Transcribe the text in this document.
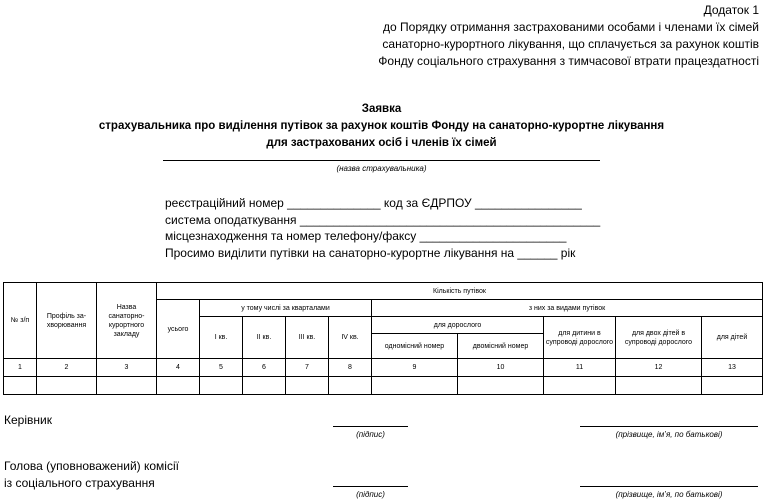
Додаток 1
до Порядку отримання застрахованими особами і членами їх сімей
санаторно-курортного лікування, що сплачується за рахунок коштів
Фонду соціального страхування з тимчасової втрати працездатності
Заявка
страхувальника про виділення путівок за рахунок коштів Фонду на санаторно-курортне лікування
для застрахованих осіб і членів їх сімей
(назва страхувальника)
реєстраційний номер ______________ код за ЄДРПОУ ________________
система оподаткування _____________________________________________
місцезнаходження та номер телефону/факсу ______________________
Просимо виділити путівки на санаторно-курортне лікування на ______ рік
№ з/п	Профіль за-хворювання	Назва санаторно-курортного закладу	Кількість путівок									
			усього	у тому числі за кварталами				з них за видами путівок				
				I кв.	II кв.	III кв.	IV кв.	для дорослого		для дитини в супроводі дорослого	для двох дітей в супроводі дорослого	для дітей
								одномісний номер	двомісний номер			
1	2	3	4	5	6	7	8	9	10	11	12	13

Керівник
(підпис)	(прізвище, ім’я, по батькові)
Голова (уповноважений) комісії
із соціального страхування
(підпис)	(прізвище, ім’я, по батькові)
